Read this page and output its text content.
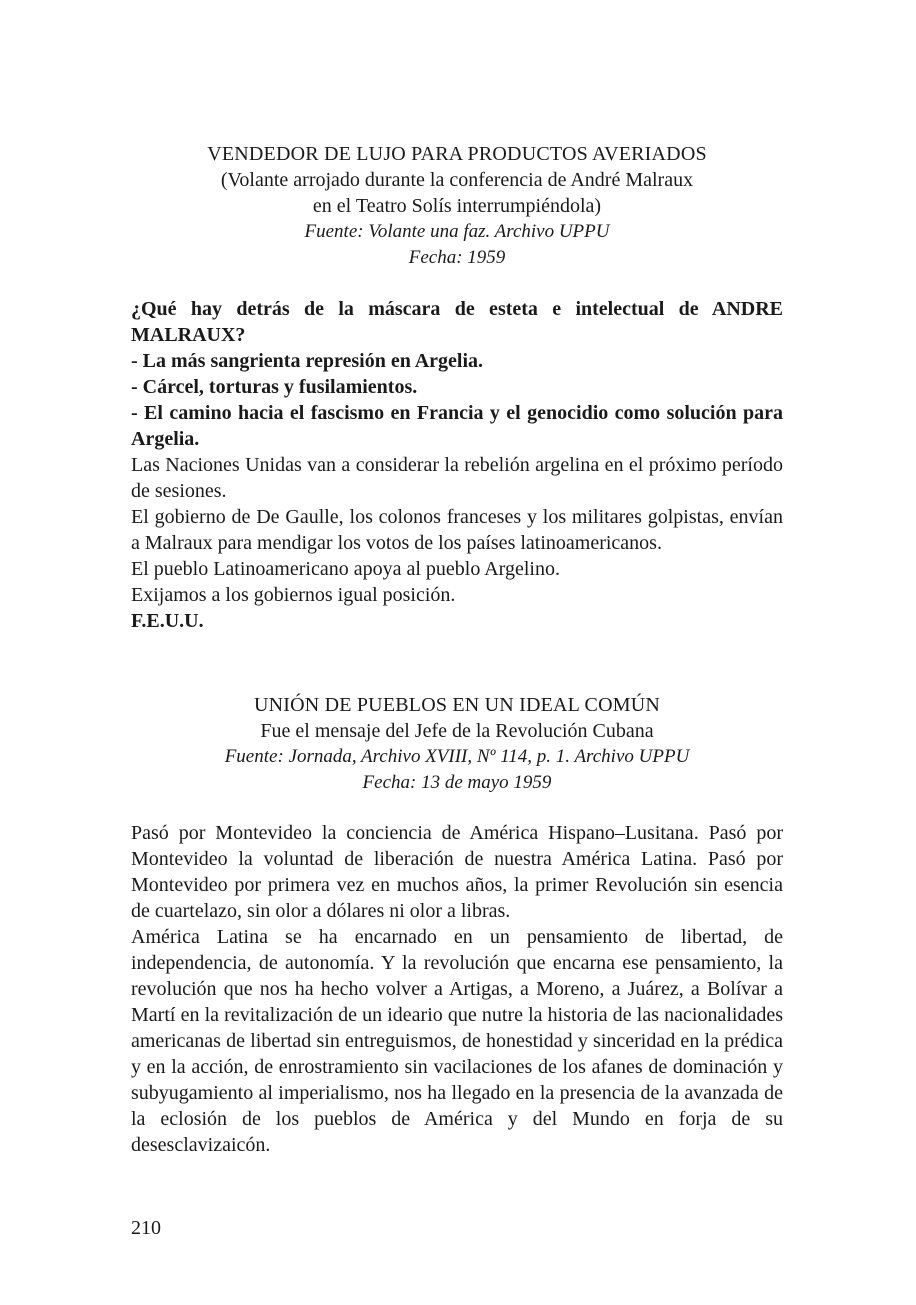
VENDEDOR DE LUJO PARA PRODUCTOS AVERIADOS
(Volante arrojado durante la conferencia de André Malraux
en el Teatro Solís interrumpiéndola)
Fuente: Volante una faz. Archivo UPPU
Fecha: 1959

¿Qué hay detrás de la máscara de esteta e intelectual de ANDRE MALRAUX?

- La más sangrienta represión en Argelia.

- Cárcel, torturas y fusilamientos.

- El camino hacia el fascismo en Francia y el genocidio como solución para Argelia.

Las Naciones Unidas van a considerar la rebelión argelina en el próximo período de sesiones.

El gobierno de De Gaulle, los colonos franceses y los militares golpistas, envían a Malraux para mendigar los votos de los países latinoamericanos.

El pueblo Latinoamericano apoya al pueblo Argelino.

Exijamos a los gobiernos igual posición.

F.E.U.U.

UNIÓN DE PUEBLOS EN UN IDEAL COMÚN
Fue el mensaje del Jefe de la Revolución Cubana
Fuente: Jornada, Archivo XVIII, Nº 114, p. 1. Archivo UPPU
Fecha: 13 de mayo 1959

Pasó por Montevideo la conciencia de América Hispano–Lusitana. Pasó por Montevideo la voluntad de liberación de nuestra América Latina. Pasó por Montevideo por primera vez en muchos años, la primer Revolución sin esencia de cuartelazo, sin olor a dólares ni olor a libras.

América Latina se ha encarnado en un pensamiento de libertad, de independencia, de autonomía. Y la revolución que encarna ese pensamiento, la revolución que nos ha hecho volver a Artigas, a Moreno, a Juárez, a Bolívar a Martí en la revitalización de un ideario que nutre la historia de las nacionalidades americanas de libertad sin entreguismos, de honestidad y sinceridad en la prédica y en la acción, de enrostramiento sin vacilaciones de los afanes de dominación y subyugamiento al imperialismo, nos ha llegado en la presencia de la avanzada de la eclosión de los pueblos de América y del Mundo en forja de su desesclavizaicón.

210
